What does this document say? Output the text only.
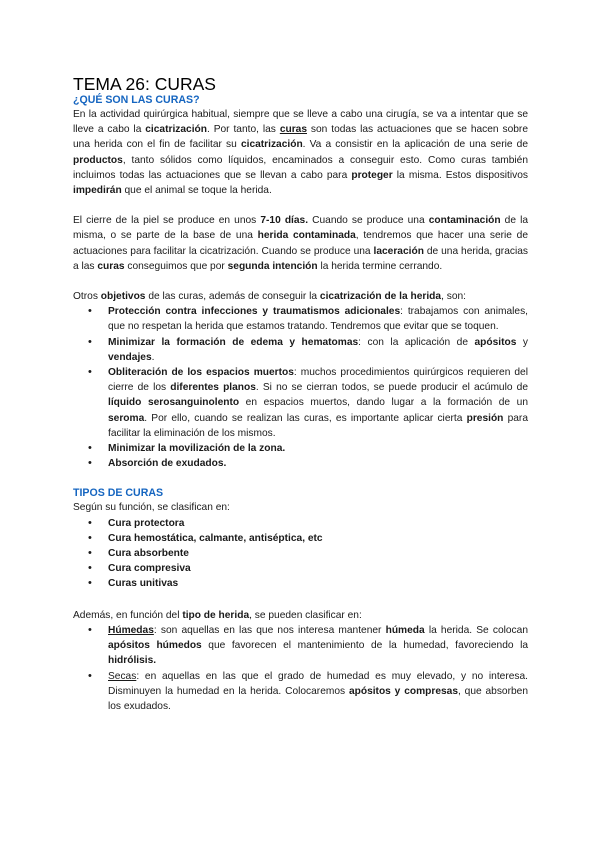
TEMA 26: CURAS
¿QUÉ SON LAS CURAS?

En la actividad quirúrgica habitual, siempre que se lleve a cabo una cirugía, se va a intentar que se lleve a cabo la cicatrización. Por tanto, las curas son todas las actuaciones que se hacen sobre una herida con el fin de facilitar su cicatrización. Va a consistir en la aplicación de una serie de productos, tanto sólidos como líquidos, encaminados a conseguir esto. Como curas también incluimos todas las actuaciones que se llevan a cabo para proteger la misma. Estos dispositivos impedirán que el animal se toque la herida.

El cierre de la piel se produce en unos 7-10 días. Cuando se produce una contaminación de la misma, o se parte de la base de una herida contaminada, tendremos que hacer una serie de actuaciones para facilitar la cicatrización. Cuando se produce una laceración de una herida, gracias a las curas conseguimos que por segunda intención la herida termine cerrando.

Otros objetivos de las curas, además de conseguir la cicatrización de la herida, son:

• Protección contra infecciones y traumatismos adicionales: trabajamos con animales, que no respetan la herida que estamos tratando. Tendremos que evitar que se toquen.
• Minimizar la formación de edema y hematomas: con la aplicación de apósitos y vendajes.
• Obliteración de los espacios muertos: muchos procedimientos quirúrgicos requieren del cierre de los diferentes planos. Si no se cierran todos, se puede producir el acúmulo de líquido serosanguinolento en espacios muertos, dando lugar a la formación de un seroma. Por ello, cuando se realizan las curas, es importante aplicar cierta presión para facilitar la eliminación de los mismos.
• Minimizar la movilización de la zona.
• Absorción de exudados.
TIPOS DE CURAS

Según su función, se clasifican en:

• Cura protectora
• Cura hemostática, calmante, antiséptica, etc
• Cura absorbente
• Cura compresiva
• Curas unitivas

Además, en función del tipo de herida, se pueden clasificar en:

• Húmedas: son aquellas en las que nos interesa mantener húmeda la herida. Se colocan apósitos húmedos que favorecen el mantenimiento de la humedad, favoreciendo la hidrólisis.
• Secas: en aquellas en las que el grado de humedad es muy elevado, y no interesa. Disminuyen la humedad en la herida. Colocaremos apósitos y compresas, que absorben los exudados.
